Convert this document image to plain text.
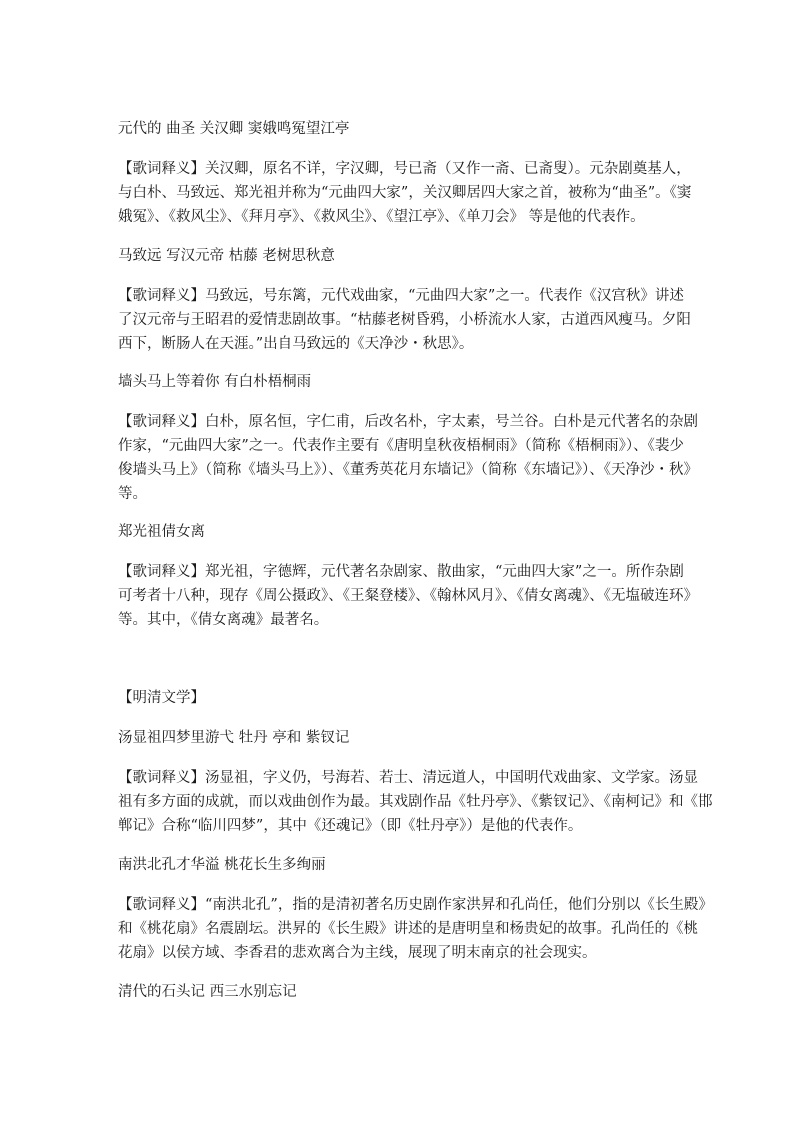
元代的 曲圣 关汉卿 窦娥鸣冤望江亭
【歌词释义】关汉卿，原名不详，字汉卿，号已斋（又作一斋、已斋叟）。元杂剧奠基人，
与白朴、马致远、郑光祖并称为“元曲四大家”，关汉卿居四大家之首，被称为“曲圣”。《窦
娥冤》、《救风尘》、《拜月亭》、《救风尘》、《望江亭》、《单刀会》 等是他的代表作。
马致远 写汉元帝 枯藤 老树思秋意
【歌词释义】马致远，号东篱，元代戏曲家，“元曲四大家”之一。代表作《汉宫秋》讲述
了汉元帝与王昭君的爱情悲剧故事。“枯藤老树昏鸦，小桥流水人家，古道西风瘦马。夕阳
西下，断肠人在天涯。”出自马致远的《天净沙・秋思》。
墙头马上等着你 有白朴梧桐雨
【歌词释义】白朴，原名恒，字仁甫，后改名朴，字太素，号兰谷。白朴是元代著名的杂剧
作家，“元曲四大家”之一。代表作主要有《唐明皇秋夜梧桐雨》（简称《梧桐雨》）、《裴少
俊墙头马上》（简称《墙头马上》）、《董秀英花月东墙记》（简称《东墙记》）、《天净沙・秋》
等。
郑光祖倩女离
【歌词释义】郑光祖，字德辉，元代著名杂剧家、散曲家，“元曲四大家”之一。所作杂剧
可考者十八种，现存《周公摄政》、《王粲登楼》、《翰林风月》、《倩女离魂》、《无塩破连环》
等。其中，《倩女离魂》最著名。
【明清文学】
汤显祖四梦里游弋 牡丹 亭和 紫钗记
【歌词释义】汤显祖，字义仍，号海若、若士、清远道人，中国明代戏曲家、文学家。汤显
祖有多方面的成就，而以戏曲创作为最。其戏剧作品《牡丹亭》、《紫钗记》、《南柯记》和《邯
郸记》合称“临川四梦”，其中《还魂记》（即《牡丹亭》）是他的代表作。
南洪北孔才华溢 桃花长生多绚丽
【歌词释义】“南洪北孔”，指的是清初著名历史剧作家洪昇和孔尚任，他们分别以《长生殿》
和《桃花扇》名震剧坛。洪昇的《长生殿》讲述的是唐明皇和杨贵妃的故事。孔尚任的《桃
花扇》以侯方域、李香君的悲欢离合为主线，展现了明末南京的社会现实。
清代的石头记 西三水别忘记
